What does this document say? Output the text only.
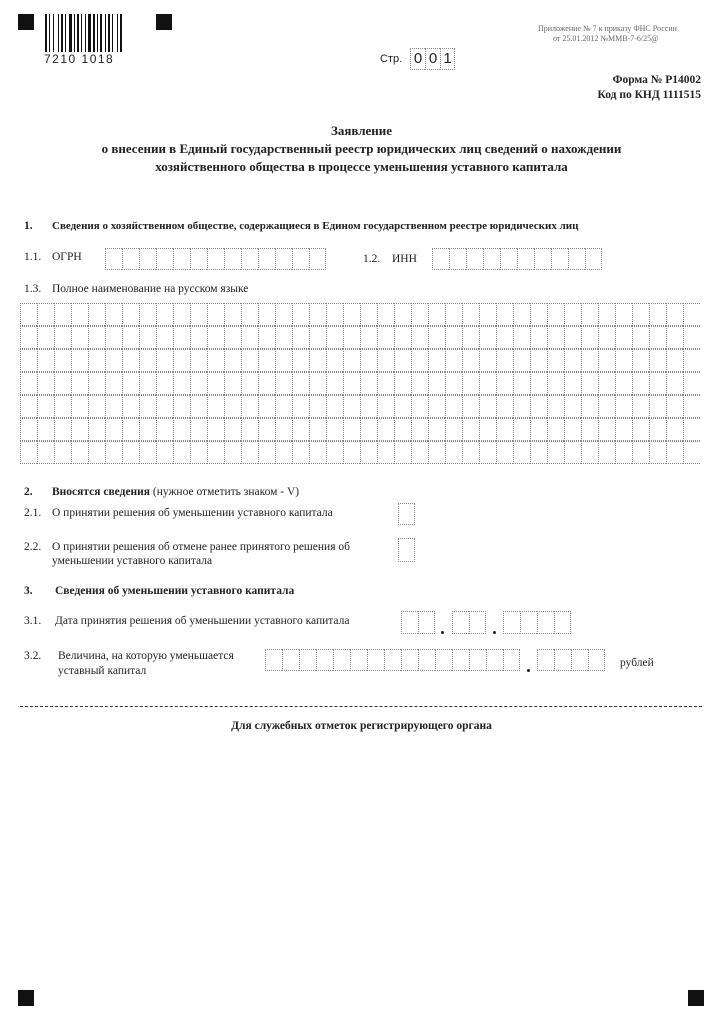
7210 1018
Приложение № 7 к приказу ФНС России
от 25.01.2012 №ММВ-7-6/25@
Стр. 0 0 1
Форма № Р14002
Код по КНД 1111515
Заявление
о внесении в Единый государственный реестр юридических лиц сведений о нахождении
хозяйственного общества в процессе уменьшения уставного капитала
1. Сведения о хозяйственном обществе, содержащиеся в Едином государственном реестре юридических лиц
1.1. ОГРН	1.2. ИНН
1.3. Полное наименование на русском языке
2. Вносятся сведения (нужное отметить знаком - V)
2.1. О принятии решения об уменьшении уставного капитала
2.2. О принятии решения об отмене ранее принятого решения об
уменьшении уставного капитала
3. Сведения об уменьшении уставного капитала
3.1. Дата принятия решения об уменьшении уставного капитала
3.2. Величина, на которую уменьшается
уставный капитал
рублей
Для служебных отметок регистрирующего органа
